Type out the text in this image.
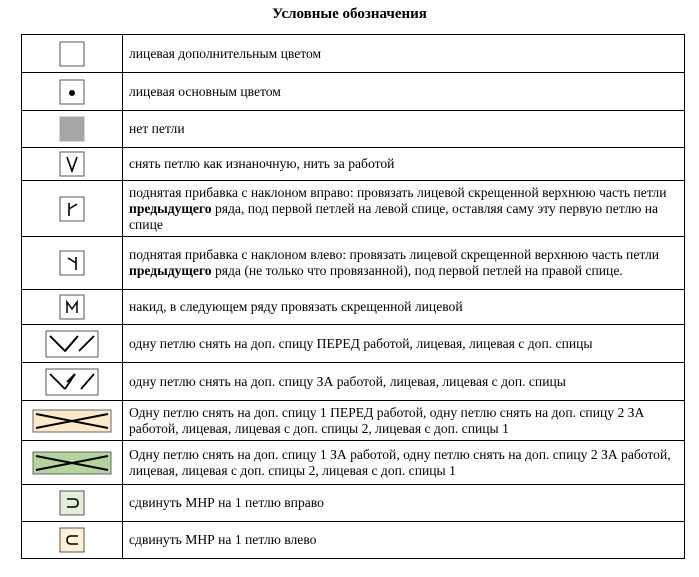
Условные обозначения
	лицевая дополнительным цветом

	лицевая основным цветом

	нет петли

	снять петлю как изнаночную, нить за работой

	поднятая прибавка с наклоном вправо: провязать лицевой скрещенной верхнюю часть петли предыдущего ряда, под первой петлей на левой спице, оставляя саму эту первую петлю на спице

	поднятая прибавка с наклоном влево: провязать лицевой скрещенной верхнюю часть петли предыдущего ряда (не только что провязанной), под первой петлей на правой спице.

	накид, в следующем ряду провязать скрещенной лицевой

	одну петлю снять на доп. спицу ПЕРЕД работой, лицевая, лицевая с доп. спицы

	одну петлю снять на доп. спицу ЗА работой, лицевая, лицевая с доп. спицы

	Одну петлю снять на доп. спицу 1 ПЕРЕД работой, одну петлю снять на доп. спицу 2 ЗА работой, лицевая, лицевая с доп. спицы 2, лицевая с доп. спицы 1

	Одну петлю снять на доп. спицу 1 ЗА работой, одну петлю снять на доп. спицу 2 ЗА работой, лицевая, лицевая с доп. спицы 2, лицевая с доп. спицы 1

	сдвинуть МНР на 1 петлю вправо

	сдвинуть МНР на 1 петлю влево
